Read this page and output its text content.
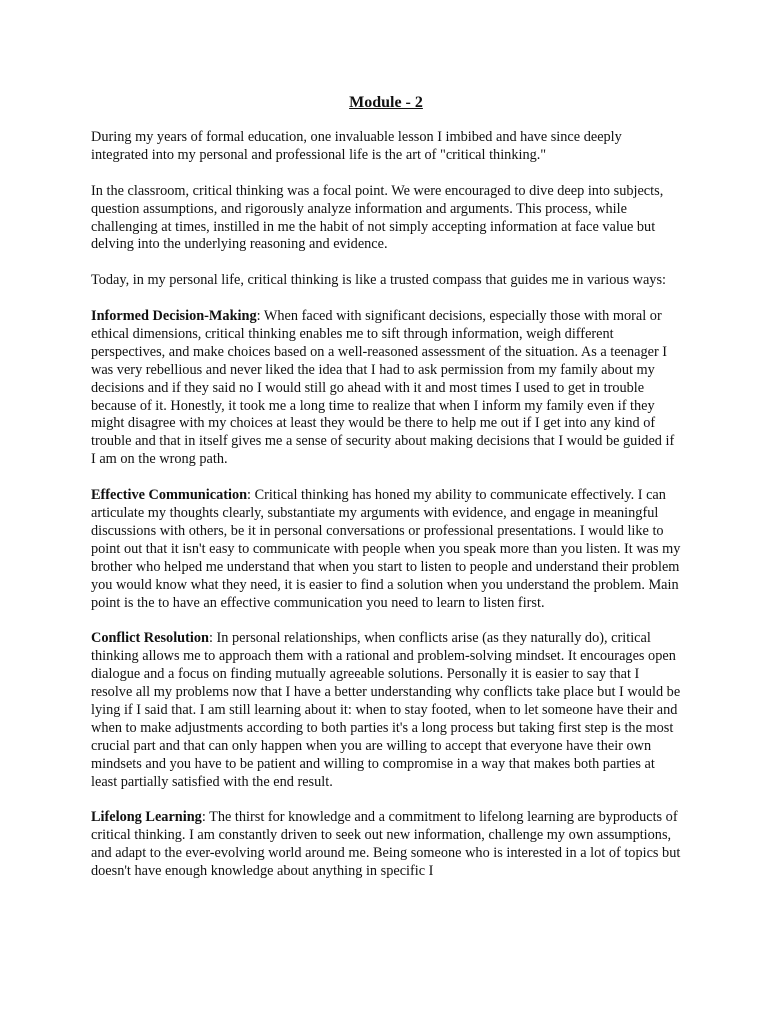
Module - 2

During my years of formal education, one invaluable lesson I imbibed and have since deeply integrated into my personal and professional life is the art of "critical thinking."

In the classroom, critical thinking was a focal point. We were encouraged to dive deep into subjects, question assumptions, and rigorously analyze information and arguments. This process, while challenging at times, instilled in me the habit of not simply accepting information at face value but delving into the underlying reasoning and evidence.

Today, in my personal life, critical thinking is like a trusted compass that guides me in various ways:

Informed Decision-Making: When faced with significant decisions, especially those with moral or ethical dimensions, critical thinking enables me to sift through information, weigh different perspectives, and make choices based on a well-reasoned assessment of the situation. As a teenager I was very rebellious and never liked the idea that I had to ask permission from my family about my decisions and if they said no I would still go ahead with it and most times I used to get in trouble because of it. Honestly, it took me a long time to realize that when I inform my family even if they might disagree with my choices at least they would be there to help me out if I get into any kind of trouble and that in itself gives me a sense of security about making decisions that I would be guided if I am on the wrong path.

Effective Communication: Critical thinking has honed my ability to communicate effectively. I can articulate my thoughts clearly, substantiate my arguments with evidence, and engage in meaningful discussions with others, be it in personal conversations or professional presentations. I would like to point out that it isn't easy to communicate with people when you speak more than you listen. It was my brother who helped me understand that when you start to listen to people and understand their problem you would know what they need, it is easier to find a solution when you understand the problem. Main point is the to have an effective communication you need to learn to listen first.

Conflict Resolution: In personal relationships, when conflicts arise (as they naturally do), critical thinking allows me to approach them with a rational and problem-solving mindset. It encourages open dialogue and a focus on finding mutually agreeable solutions. Personally it is easier to say that I resolve all my problems now that I have a better understanding why conflicts take place but I would be lying if I said that. I am still learning about it: when to stay footed, when to let someone have their and when to make adjustments according to both parties it's a long process but taking first step is the most crucial part and that can only happen when you are willing to accept that everyone have their own mindsets and you have to be patient and willing to compromise in a way that makes both parties at least partially satisfied with the end result.

Lifelong Learning: The thirst for knowledge and a commitment to lifelong learning are byproducts of critical thinking. I am constantly driven to seek out new information, challenge my own assumptions, and adapt to the ever-evolving world around me. Being someone who is interested in a lot of topics but doesn't have enough knowledge about anything in specific I
